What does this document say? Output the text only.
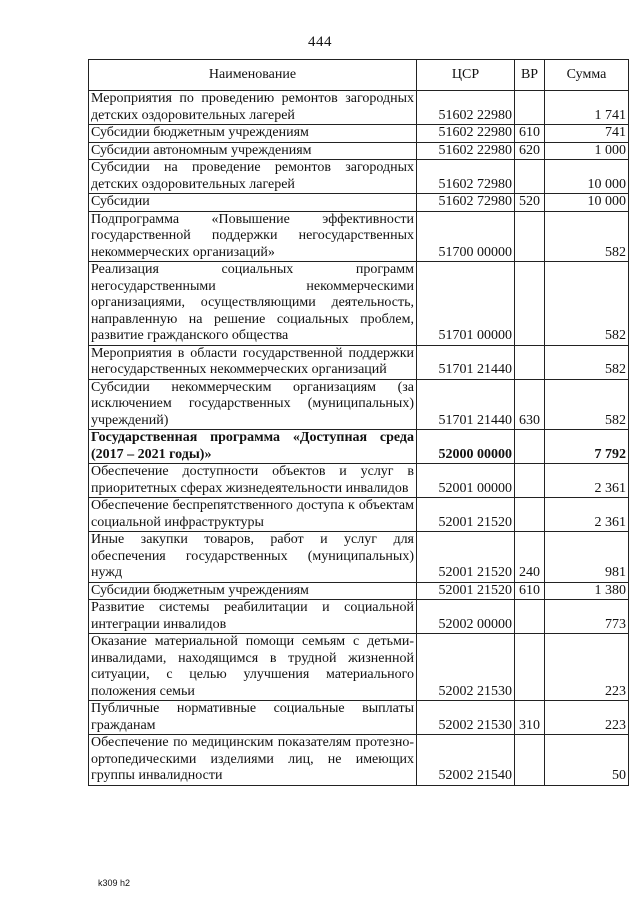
444
Наименование	ЦСР	ВР	Сумма
Мероприятия по проведению ремонтов загородных детских оздоровительных лагерей	51602 22980		1 741
Субсидии бюджетным учреждениям	51602 22980	610	741
Субсидии автономным учреждениям	51602 22980	620	1 000
Субсидии на проведение ремонтов загородных детских оздоровительных лагерей	51602 72980		10 000
Субсидии	51602 72980	520	10 000
Подпрограмма «Повышение эффективности государственной поддержки негосударственных некоммерческих организаций»	51700 00000		582
Реализация социальных программ негосударственными некоммерческими организациями, осуществляющими деятельность, направленную на решение социальных проблем, развитие гражданского общества	51701 00000		582
Мероприятия в области государственной поддержки негосударственных некоммерческих организаций	51701 21440		582
Субсидии некоммерческим организациям (за исключением государственных (муниципальных) учреждений)	51701 21440	630	582
Государственная программа «Доступная среда (2017 – 2021 годы)»	52000 00000		7 792
Обеспечение доступности объектов и услуг в приоритетных сферах жизнедеятельности инвалидов	52001 00000		2 361
Обеспечение беспрепятственного доступа к объектам социальной инфраструктуры	52001 21520		2 361
Иные закупки товаров, работ и услуг для обеспечения государственных (муниципальных) нужд	52001 21520	240	981
Субсидии бюджетным учреждениям	52001 21520	610	1 380
Развитие системы реабилитации и социальной интеграции инвалидов	52002 00000		773
Оказание материальной помощи семьям с детьми-инвалидами, находящимся в трудной жизненной ситуации, с целью улучшения материального положения семьи	52002 21530		223
Публичные нормативные социальные выплаты гражданам	52002 21530	310	223
Обеспечение по медицинским показателям протезно-ортопедическими изделиями лиц, не имеющих группы инвалидности	52002 21540		50
k309 h2
